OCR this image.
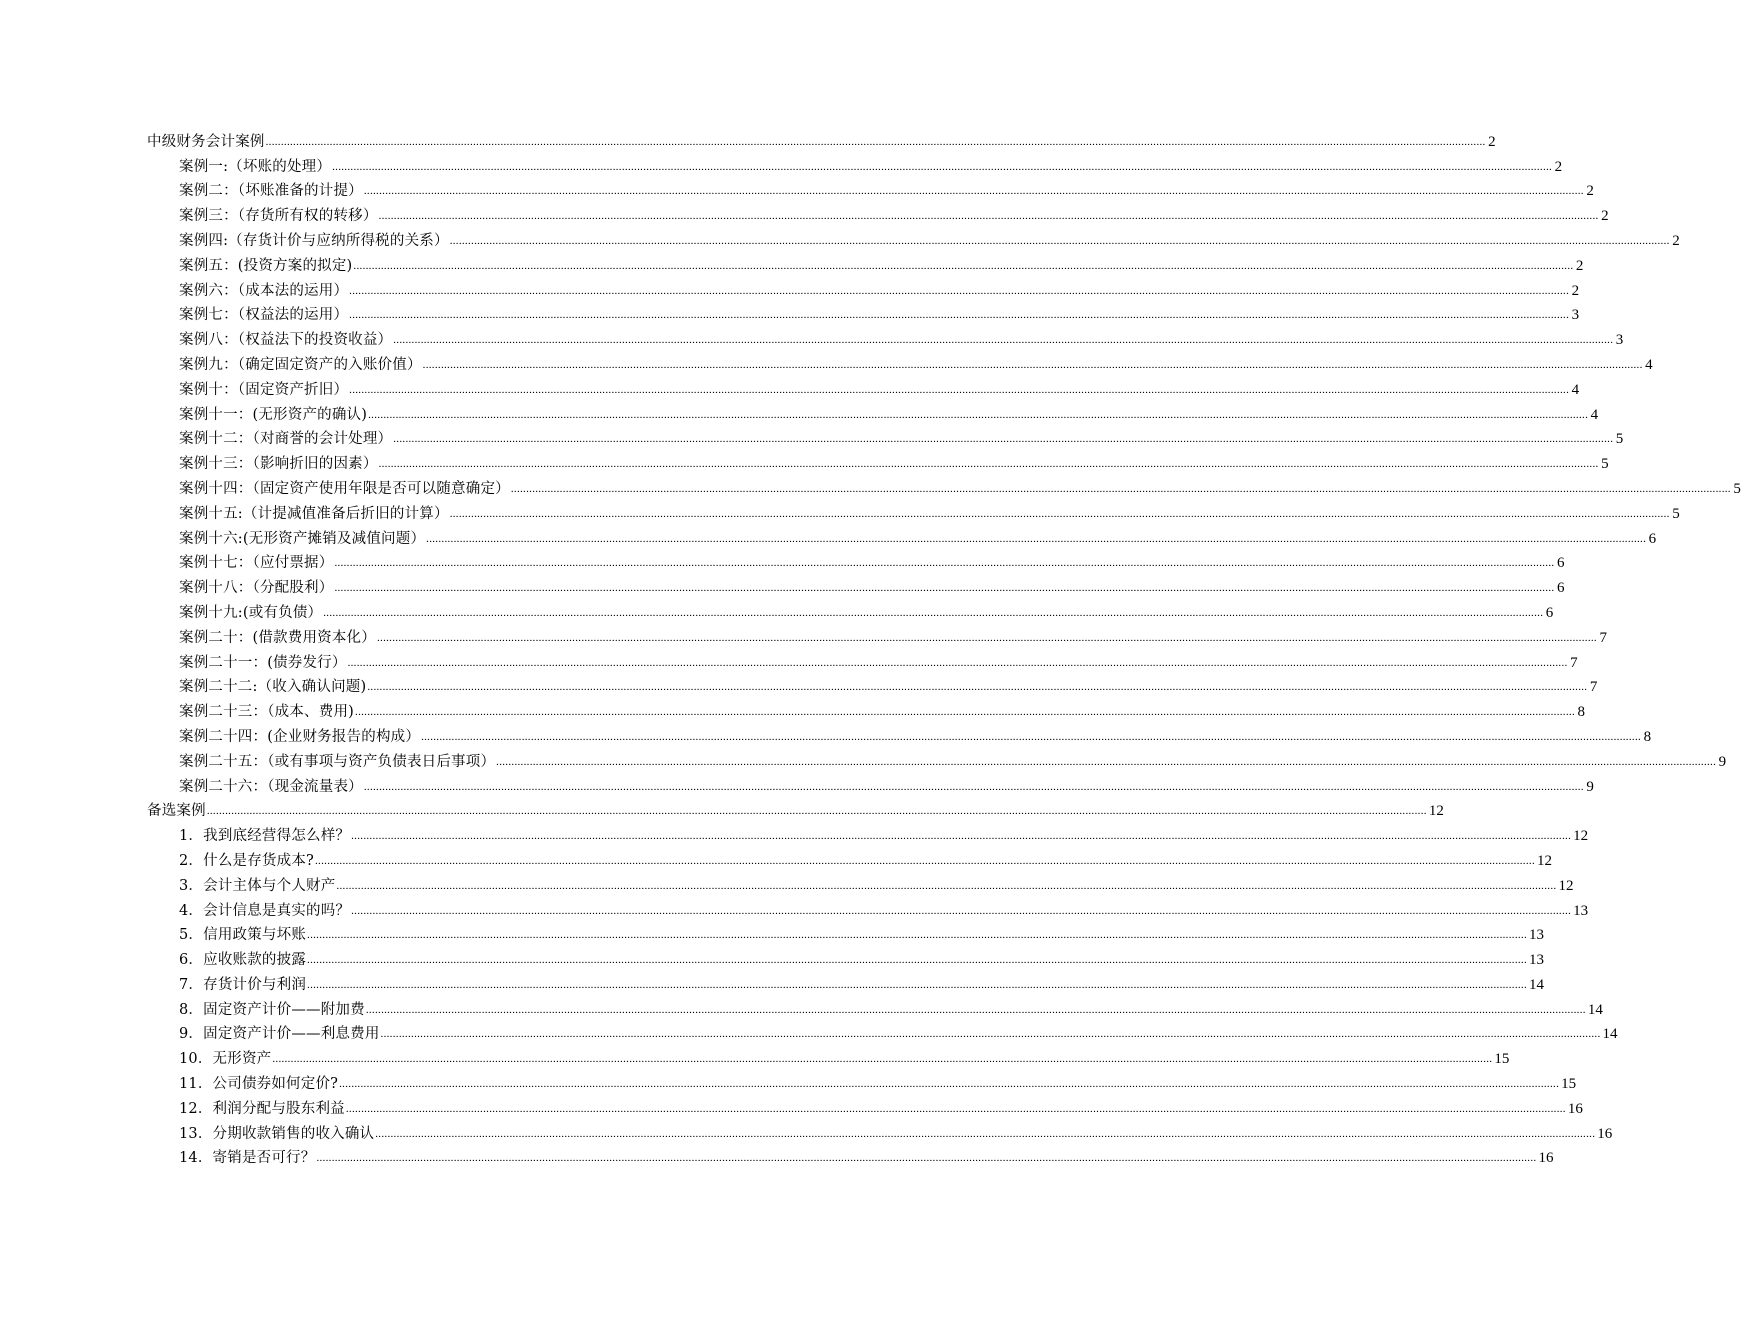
中级财务会计案例 ................................................................................................................................................................................................................................................................................................................................................................................................................ 2
案例一:（坏账的处理） ................................................................................................................................................................................................................................................................................................................................................................................................................ 2
案例二：（坏账准备的计提） ................................................................................................................................................................................................................................................................................................................................................................................................................ 2
案例三：（存货所有权的转移） ................................................................................................................................................................................................................................................................................................................................................................................................................ 2
案例四:（存货计价与应纳所得税的关系） ................................................................................................................................................................................................................................................................................................................................................................................................................ 2
案例五：(投资方案的拟定) ................................................................................................................................................................................................................................................................................................................................................................................................................ 2
案例六：（成本法的运用） ................................................................................................................................................................................................................................................................................................................................................................................................................ 2
案例七：（权益法的运用） ................................................................................................................................................................................................................................................................................................................................................................................................................ 3
案例八：（权益法下的投资收益） ................................................................................................................................................................................................................................................................................................................................................................................................................ 3
案例九：（确定固定资产的入账价值） ................................................................................................................................................................................................................................................................................................................................................................................................................ 4
案例十：（固定资产折旧） ................................................................................................................................................................................................................................................................................................................................................................................................................ 4
案例十一：(无形资产的确认) ................................................................................................................................................................................................................................................................................................................................................................................................................ 4
案例十二：（对商誉的会计处理） ................................................................................................................................................................................................................................................................................................................................................................................................................ 5
案例十三：（影响折旧的因素） ................................................................................................................................................................................................................................................................................................................................................................................................................ 5
案例十四：（固定资产使用年限是否可以随意确定） ................................................................................................................................................................................................................................................................................................................................................................................................................ 5
案例十五:（计提减值准备后折旧的计算） ................................................................................................................................................................................................................................................................................................................................................................................................................ 5
案例十六:(无形资产摊销及减值问题） ................................................................................................................................................................................................................................................................................................................................................................................................................ 6
案例十七：（应付票据） ................................................................................................................................................................................................................................................................................................................................................................................................................ 6
案例十八：（分配股利） ................................................................................................................................................................................................................................................................................................................................................................................................................ 6
案例十九:(或有负债） ................................................................................................................................................................................................................................................................................................................................................................................................................ 6
案例二十：(借款费用资本化） ................................................................................................................................................................................................................................................................................................................................................................................................................ 7
案例二十一：(债券发行） ................................................................................................................................................................................................................................................................................................................................................................................................................ 7
案例二十二:（收入确认问题) ................................................................................................................................................................................................................................................................................................................................................................................................................ 7
案例二十三：（成本、费用) ................................................................................................................................................................................................................................................................................................................................................................................................................ 8
案例二十四：(企业财务报告的构成） ................................................................................................................................................................................................................................................................................................................................................................................................................ 8
案例二十五：（或有事项与资产负债表日后事项） ................................................................................................................................................................................................................................................................................................................................................................................................................ 9
案例二十六：（现金流量表） ................................................................................................................................................................................................................................................................................................................................................................................................................ 9
备选案例 ................................................................................................................................................................................................................................................................................................................................................................................................................ 12
1．我到底经营得怎么样？ ................................................................................................................................................................................................................................................................................................................................................................................................................ 12
2．什么是存货成本? ................................................................................................................................................................................................................................................................................................................................................................................................................ 12
3．会计主体与个人财产 ................................................................................................................................................................................................................................................................................................................................................................................................................ 12
4．会计信息是真实的吗？ ................................................................................................................................................................................................................................................................................................................................................................................................................ 13
5．信用政策与坏账 ................................................................................................................................................................................................................................................................................................................................................................................................................ 13
6．应收账款的披露 ................................................................................................................................................................................................................................................................................................................................................................................................................ 13
7．存货计价与利润 ................................................................................................................................................................................................................................................................................................................................................................................................................ 14
8．固定资产计价——附加费 ................................................................................................................................................................................................................................................................................................................................................................................................................ 14
9．固定资产计价——利息费用 ................................................................................................................................................................................................................................................................................................................................................................................................................ 14
10．无形资产 ................................................................................................................................................................................................................................................................................................................................................................................................................ 15
11．公司债券如何定价? ................................................................................................................................................................................................................................................................................................................................................................................................................ 15
12．利润分配与股东利益 ................................................................................................................................................................................................................................................................................................................................................................................................................ 16
13．分期收款销售的收入确认 ................................................................................................................................................................................................................................................................................................................................................................................................................ 16
14．寄销是否可行？ ................................................................................................................................................................................................................................................................................................................................................................................................................ 16
